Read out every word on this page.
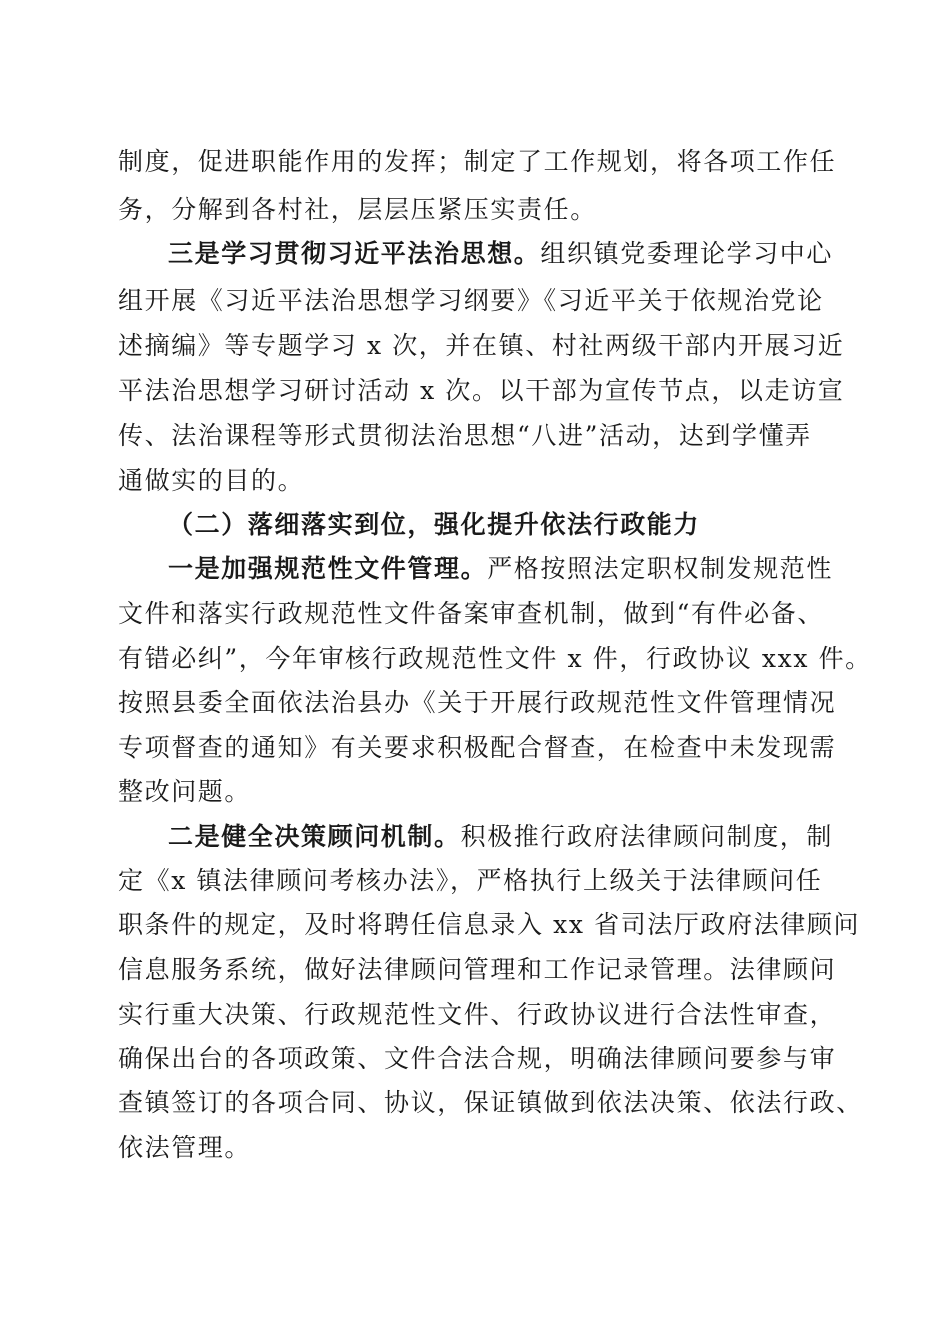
制度，促进职能作用的发挥；制定了工作规划，将各项工作任
务，分解到各村社，层层压紧压实责任。
三是学习贯彻习近平法治思想。组织镇党委理论学习中心
组开展《习近平法治思想学习纲要》《习近平关于依规治党论
述摘编》等专题学习 x 次，并在镇、村社两级干部内开展习近
平法治思想学习研讨活动 x 次。以干部为宣传节点，以走访宣
传、法治课程等形式贯彻法治思想“八进”活动，达到学懂弄
通做实的目的。
（二）落细落实到位，强化提升依法行政能力
一是加强规范性文件管理。严格按照法定职权制发规范性
文件和落实行政规范性文件备案审查机制，做到“有件必备、
有错必纠”，今年审核行政规范性文件 x 件，行政协议 xxx 件。
按照县委全面依法治县办《关于开展行政规范性文件管理情况
专项督查的通知》有关要求积极配合督查，在检查中未发现需
整改问题。
二是健全决策顾问机制。积极推行政府法律顾问制度，制
定《x 镇法律顾问考核办法》，严格执行上级关于法律顾问任
职条件的规定，及时将聘任信息录入 xx 省司法厅政府法律顾问
信息服务系统，做好法律顾问管理和工作记录管理。法律顾问
实行重大决策、行政规范性文件、行政协议进行合法性审查，
确保出台的各项政策、文件合法合规，明确法律顾问要参与审
查镇签订的各项合同、协议，保证镇做到依法决策、依法行政、
依法管理。
